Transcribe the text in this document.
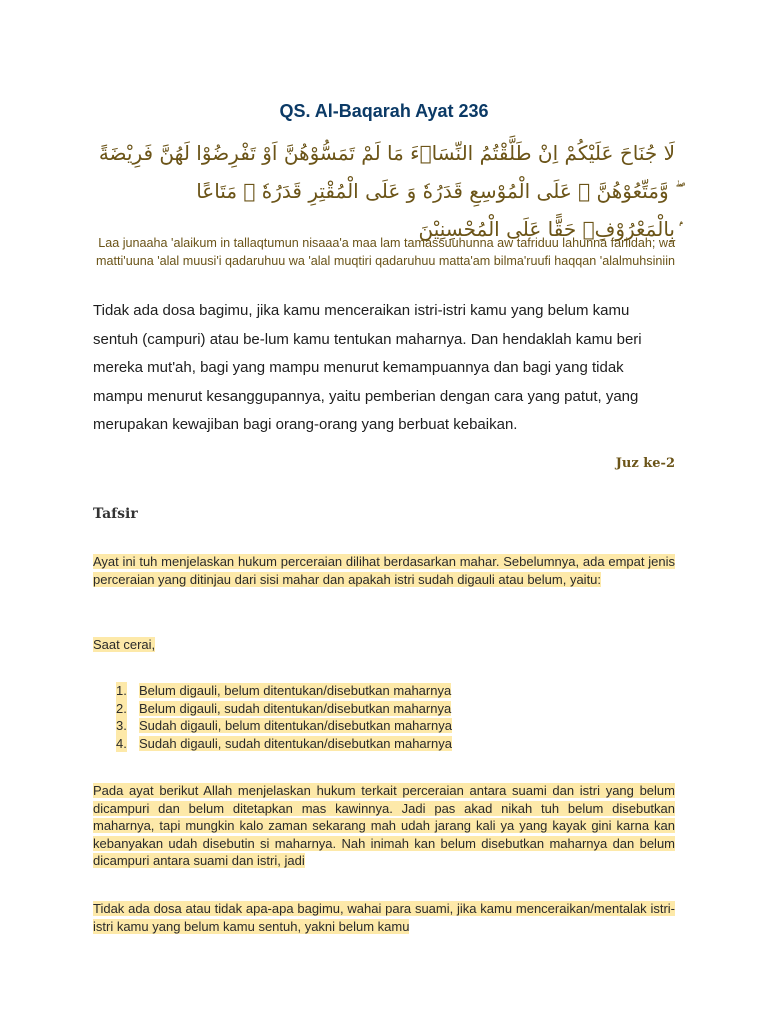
QS. Al-Baqarah Ayat 236
لَا جُنَاحَ عَلَيْكُمْ اِنْ طَلَّقْتُمُ النِّسَاۤءَ مَا لَمْ تَمَسُّوْهُنَّ اَوْ تَفْرِضُوْا لَهُنَّ فَرِيْضَةً ۖ وَّمَتِّعُوْهُنَّ ۚ عَلَى الْمُوْسِعِ قَدَرُهٗ وَ عَلَى الْمُقْتِرِ قَدَرُهٗ ۚ مَتَاعًا ۢبِالْمَعْرُوْفِۚ حَقًّا عَلَى الْمُحْسِنِيْنَ
Laa junaaha 'alaikum in tallaqtumun nisaaa'a maa lam tamassuuhunna aw tafriduu lahunna fariidah; wa matti'uuna 'alal muusi'i qadaruhuu wa 'alal muqtiri qadaruhuu matta'am bilma'ruufi haqqan 'alalmuhsiniin
Tidak ada dosa bagimu, jika kamu menceraikan istri-istri kamu yang belum kamu sentuh (campuri) atau be-lum kamu tentukan maharnya. Dan hendaklah kamu beri mereka mut'ah, bagi yang mampu menurut kemampuannya dan bagi yang tidak mampu menurut kesanggupannya, yaitu pemberian dengan cara yang patut, yang merupakan kewajiban bagi orang-orang yang berbuat kebaikan.
Juz ke-2
Tafsir
Ayat ini tuh menjelaskan hukum perceraian dilihat berdasarkan mahar. Sebelumnya, ada empat jenis perceraian yang ditinjau dari sisi mahar dan apakah istri sudah digauli atau belum, yaitu:
Saat cerai,
1. Belum digauli, belum ditentukan/disebutkan maharnya
2. Belum digauli, sudah ditentukan/disebutkan maharnya
3. Sudah digauli, belum ditentukan/disebutkan maharnya
4. Sudah digauli, sudah ditentukan/disebutkan maharnya
Pada ayat berikut Allah menjelaskan hukum terkait perceraian antara suami dan istri yang belum dicampuri dan belum ditetapkan mas kawinnya. Jadi pas akad nikah tuh belum disebutkan maharnya, tapi mungkin kalo zaman sekarang mah udah jarang kali ya yang kayak gini karna kan kebanyakan udah disebutin si maharnya. Nah inimah kan belum disebutkan maharnya dan belum dicampuri antara suami dan istri, jadi
Tidak ada dosa atau tidak apa-apa bagimu, wahai para suami, jika kamu menceraikan/mentalak istri-istri kamu yang belum kamu sentuh, yakni belum kamu
